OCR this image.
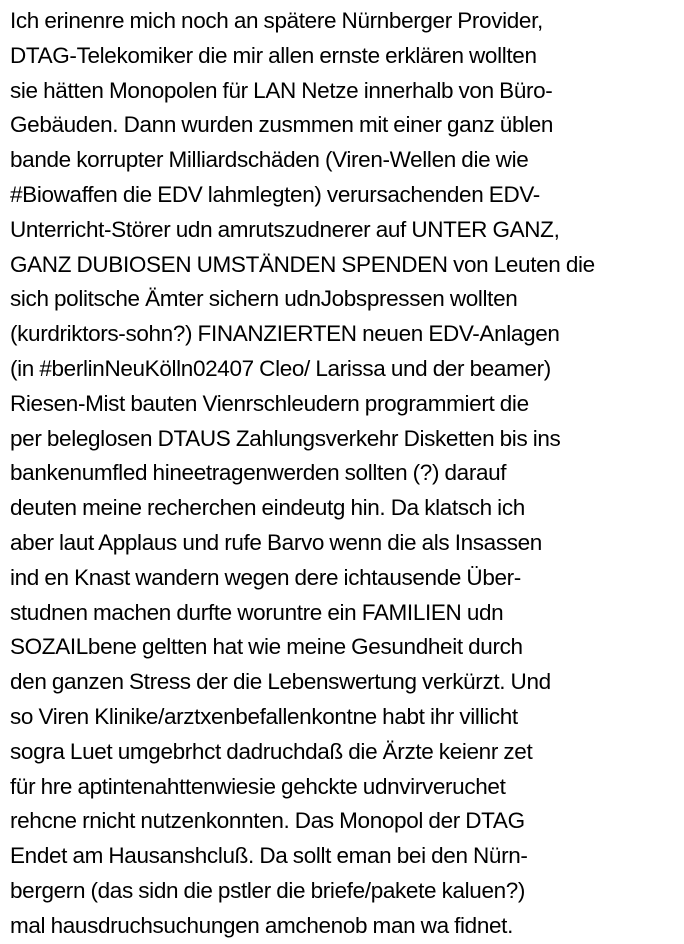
Ich erinenre mich noch an spätere Nürnberger Provider,
DTAG-Telekomiker die mir allen ernste erklären wollten
sie hätten Monopolen für LAN Netze innerhalb von Büro-
Gebäuden. Dann wurden zusmmen mit einer ganz üblen
bande korrupter Milliardschäden (Viren-Wellen die wie
#Biowaffen die EDV lahmlegten) verursachenden EDV-
Unterricht-Störer udn amrutszudnerer auf UNTER GANZ,
GANZ DUBIOSEN UMSTÄNDEN SPENDEN von Leuten die
sich politsche Ämter sichern udnJobspressen wollten
(kurdriktors-sohn?) FINANZIERTEN neuen EDV-Anlagen
(in #berlinNeuKölln02407 Cleo/ Larissa und der beamer)
Riesen-Mist bauten Vienrschleudern programmiert die
per beleglosen DTAUS Zahlungsverkehr Disketten bis ins
bankenumfled hineetragenwerden sollten (?) darauf
deuten meine recherchen eindeutg hin. Da klatsch ich
aber laut Applaus und rufe Barvo wenn die als Insassen
ind en Knast wandern wegen dere ichtausende Über-
studnen machen durfte woruntre ein FAMILIEN udn
SOZAILbene geltten hat wie meine Gesundheit durch
den ganzen Stress der die Lebenswertung verkürzt. Und
so Viren Klinike/arztxenbefallenkontne habt ihr villicht
sogra Luet umgebrhct dadruchdaß die Ärzte keienr zet
für hre aptintenahttenwiesie gehckte udnvirveruchet
rehcne rnicht nutzenkonnten. Das Monopol der DTAG
Endet am Hausanshcluß. Da sollt eman bei den Nürn-
bergern (das sidn die pstler die briefe/pakete kaluen?)
mal hausdruchsuchungen amchenob man wa fidnet.
